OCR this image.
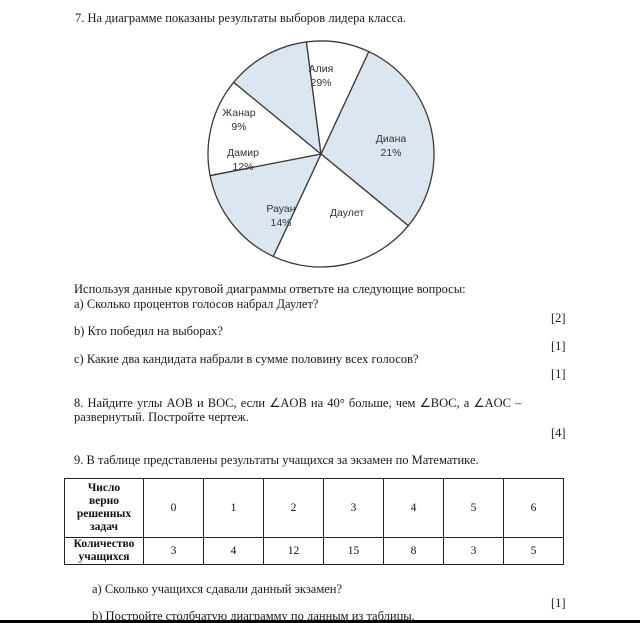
7. На диаграмме показаны результаты выборов лидера класса.
Алия
29%
Диана
21%
Даулет
Рауан
14%
Дамир
12%
Жанар
9%
Используя данные круговой диаграммы ответьте на следующие вопросы:
а) Сколько процентов голосов набрал Даулет?
[2]
b) Кто победил на выборах?
[1]
с) Какие два кандидата набрали в сумме половину всех голосов?
[1]
8. Найдите углы AOB и BOC, если ∠AOB на 40° больше, чем ∠BOC, а ∠AOC –
развернутый. Постройте чертеж.
[4]
9. В таблице представлены результаты учащихся за экзамен по Математике.
Число
верно
решенных
задач	0	1	2	3	4	5	6
Количество
учащихся	3	4	12	15	8	3	5
a) Сколько учащихся сдавали данный экзамен?
[1]
b) Постройте столбчатую диаграмму по данным из таблицы.
